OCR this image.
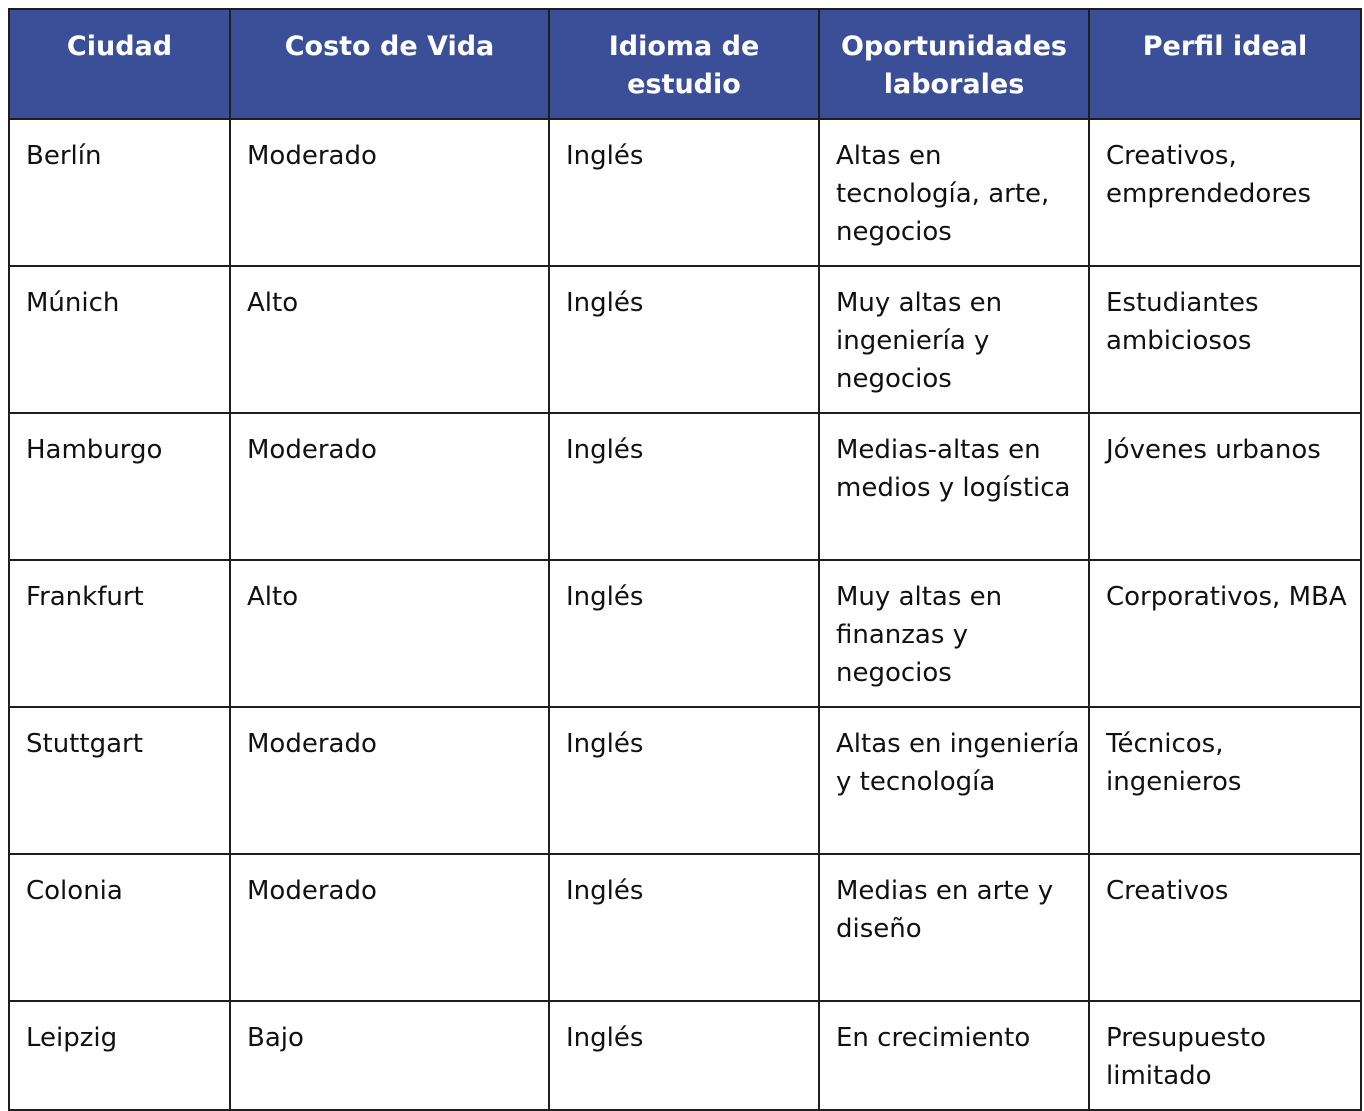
Ciudad	Costo de Vida	Idioma de estudio	Oportunidades laborales	Perfil ideal
Berlín	Moderado	Inglés	Altas en tecnología, arte, negocios	Creativos, emprendedores
Múnich	Alto	Inglés	Muy altas en ingeniería y negocios	Estudiantes ambiciosos
Hamburgo	Moderado	Inglés	Medias-altas en medios y logística	Jóvenes urbanos
Frankfurt	Alto	Inglés	Muy altas en finanzas y negocios	Corporativos, MBA
Stuttgart	Moderado	Inglés	Altas en ingeniería y tecnología	Técnicos, ingenieros
Colonia	Moderado	Inglés	Medias en arte y diseño	Creativos
Leipzig	Bajo	Inglés	En crecimiento	Presupuesto limitado
